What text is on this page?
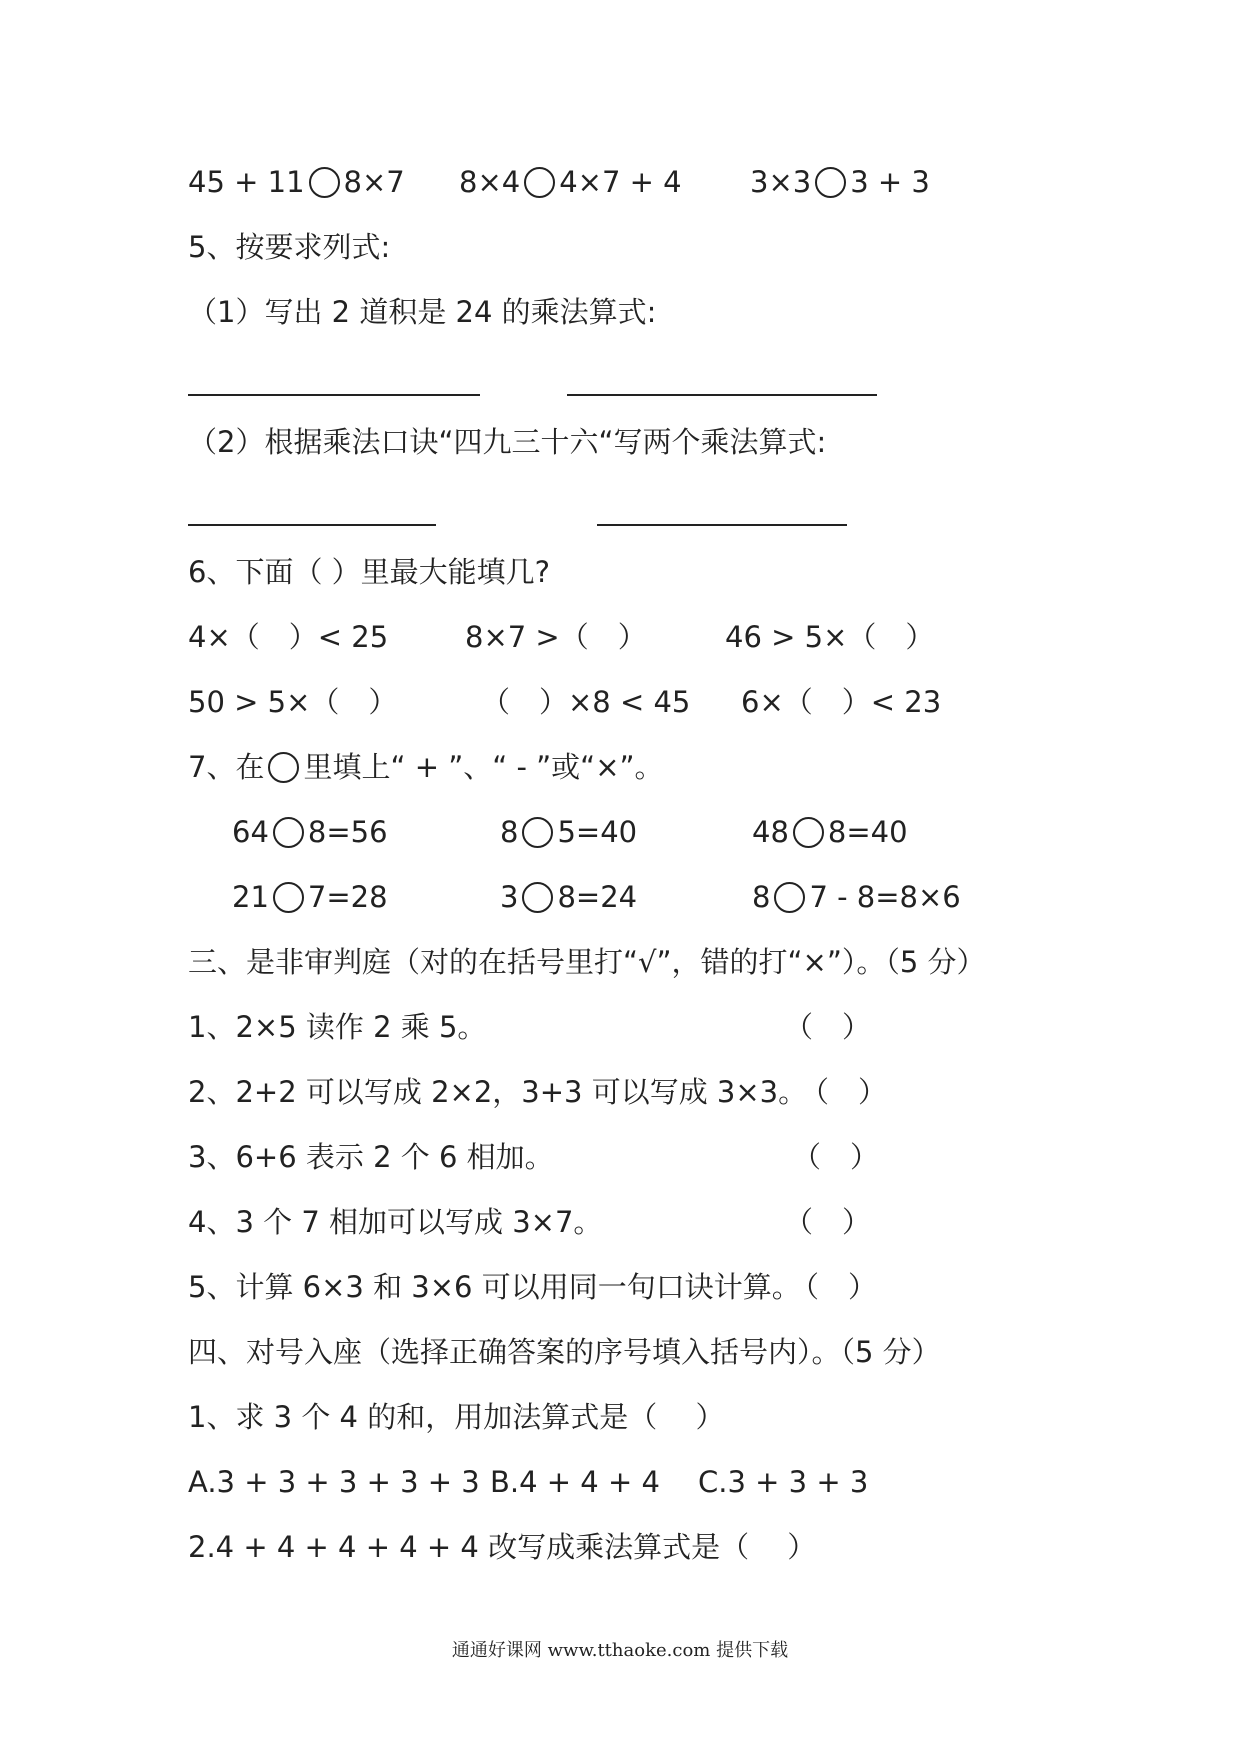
45 + 11 8×7 8×4 4×7 + 4 3×3 3 + 3
5、按要求列式:
（1）写出 2 道积是 24 的乘法算式:
（2）根据乘法口诀“四九三十六“写两个乘法算式:
6、下面（ ）里最大能填几?
4×（　）< 25	8×7 >（　）	46 > 5×（　）
50 > 5×（　）	（　）×8 < 45 6×（　）< 23
7、在 里填上“ + ”、“ - ”或“×”。
64 8=56	8 5=40	48 8=40
21 7=28	3 8=24	8 7 - 8=8×6
三、是非审判庭（对的在括号里打“√”，错的打“×”）。（5 分）
1、2×5 读作 2 乘 5。	（　）
2、2+2 可以写成 2×2，3+3 可以写成 3×3。
（　）
3、6+6 表示 2 个 6 相加。	（　）
4、3 个 7 相加可以写成 3×7。	（　）
5、计算 6×3 和 3×6 可以用同一句口诀计算。
（　）
四、对号入座（选择正确答案的序号填入括号内）。（5 分）
1、求 3 个 4 的和，用加法算式是（　 ）
A.3 + 3 + 3 + 3 + 3 B.4 + 4 + 4 C.3 + 3 + 3
2.4 + 4 + 4 + 4 + 4 改写成乘法算式是（　 ）
通通好课网 www.tthaoke.com 提供下载
